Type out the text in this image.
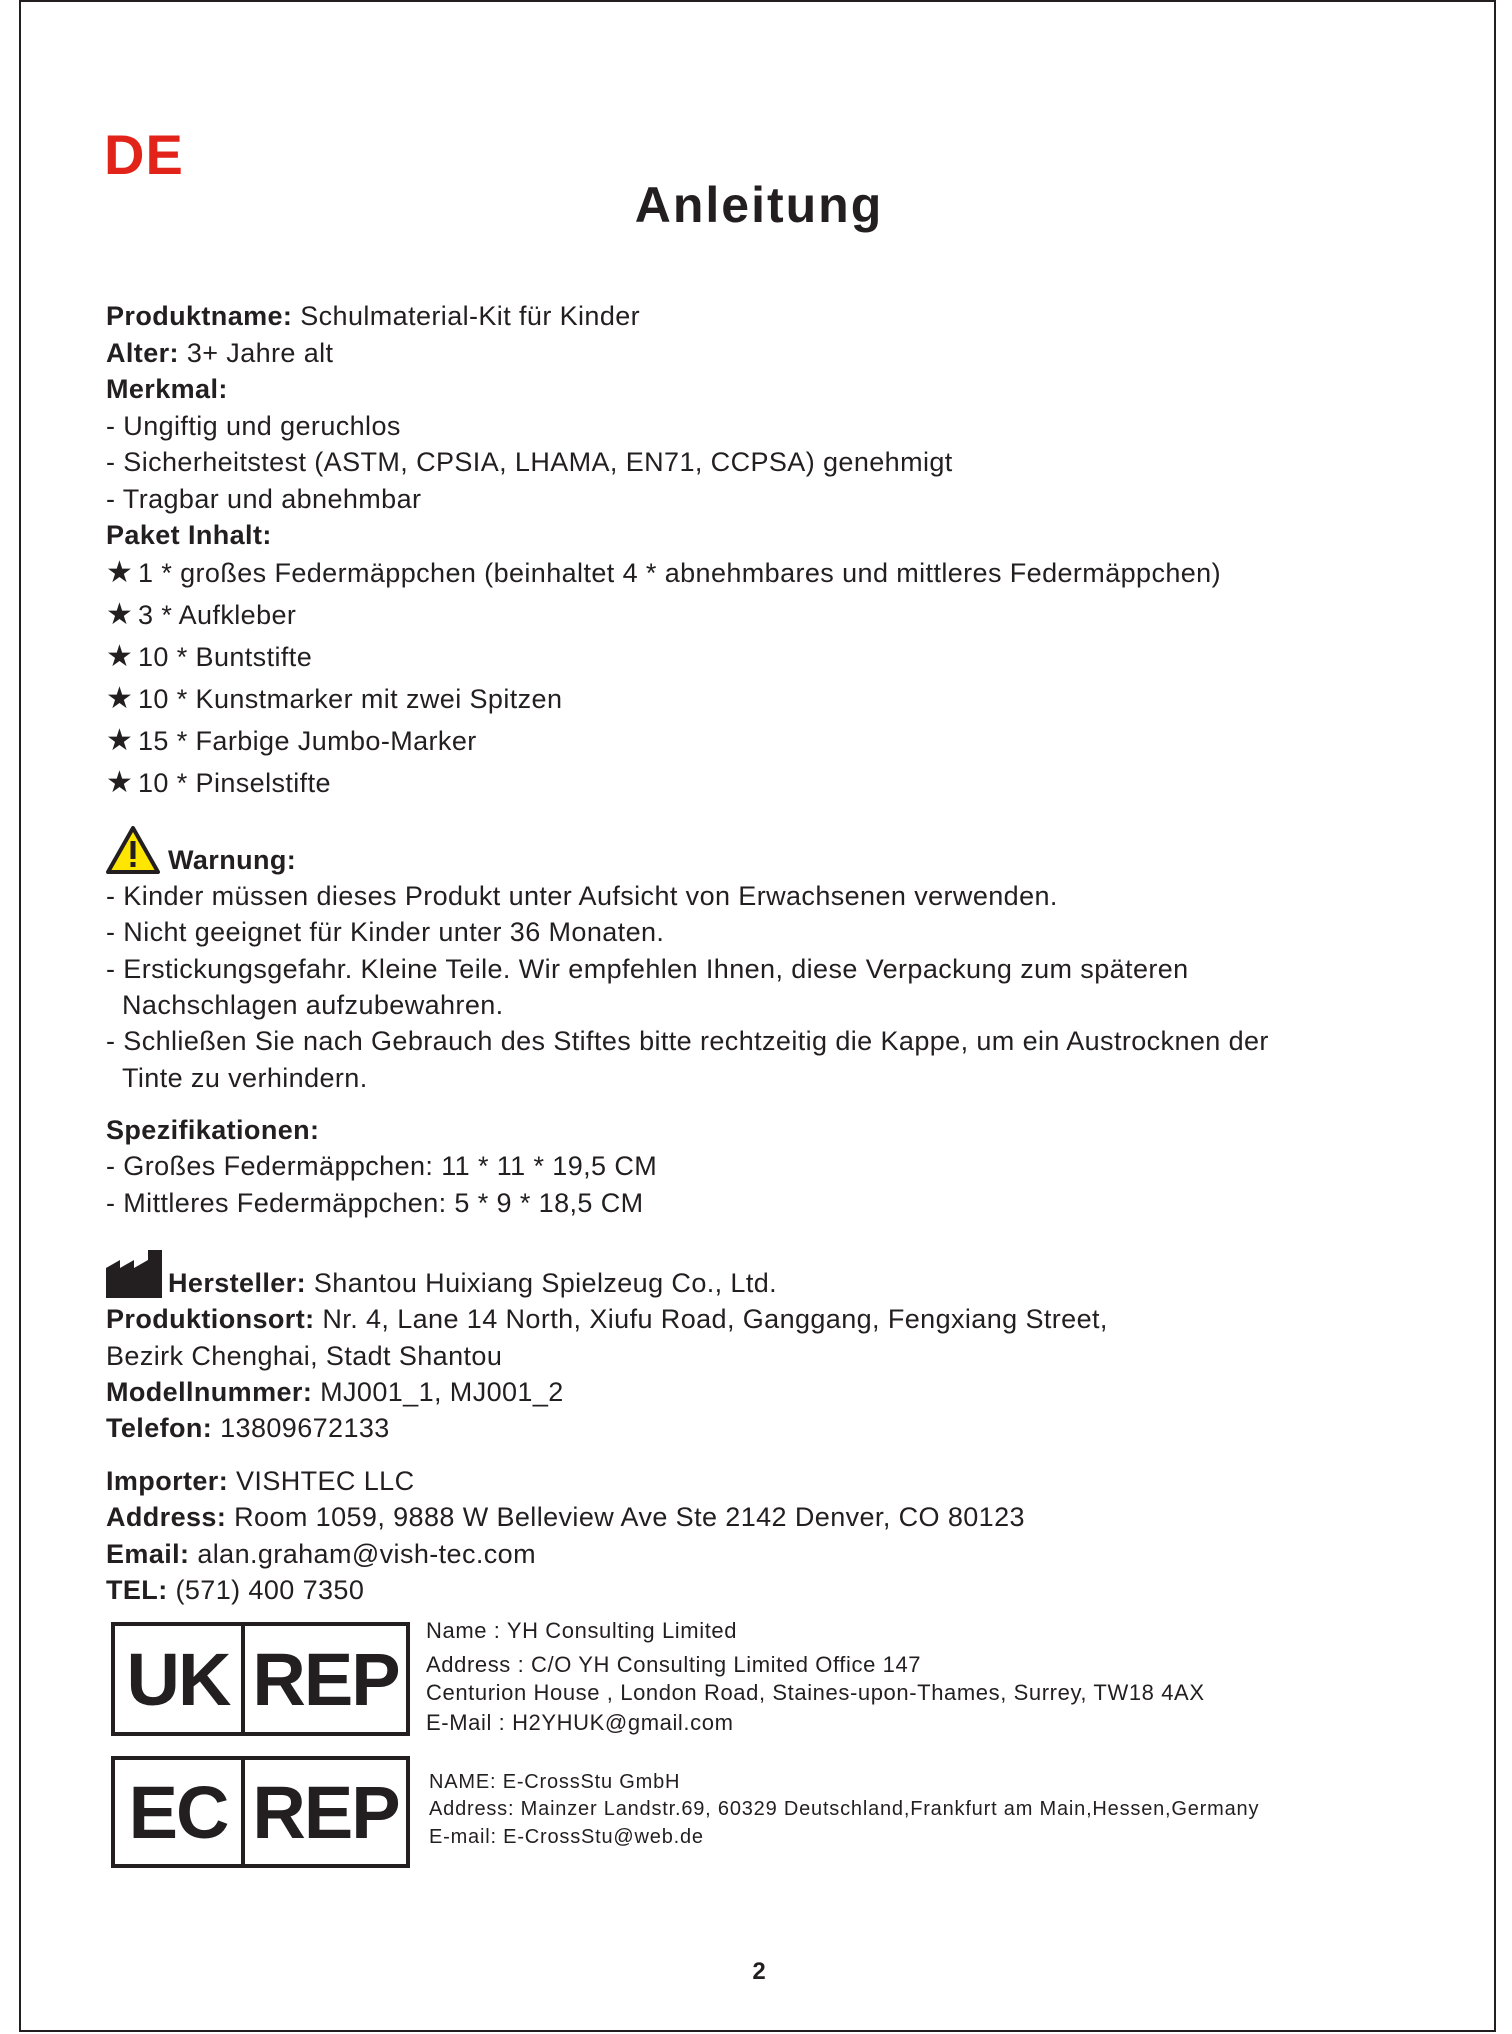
DE
Anleitung
Produktname: Schulmaterial-Kit für Kinder
Alter: 3+ Jahre alt
Merkmal:
- Ungiftig und geruchlos
- Sicherheitstest (ASTM, CPSIA, LHAMA, EN71, CCPSA) genehmigt
- Tragbar und abnehmbar
Paket Inhalt:
★ 1 * großes Federmäppchen (beinhaltet 4 * abnehmbares und mittleres Federmäppchen)
★ 3 * Aufkleber
★ 10 * Buntstifte
★ 10 * Kunstmarker mit zwei Spitzen
★ 15 * Farbige Jumbo-Marker
★ 10 * Pinselstifte
Warnung:
- Kinder müssen dieses Produkt unter Aufsicht von Erwachsenen verwenden.
- Nicht geeignet für Kinder unter 36 Monaten.
- Erstickungsgefahr. Kleine Teile. Wir empfehlen Ihnen, diese Verpackung zum späteren
Nachschlagen aufzubewahren.
- Schließen Sie nach Gebrauch des Stiftes bitte rechtzeitig die Kappe, um ein Austrocknen der
Tinte zu verhindern.
Spezifikationen:
- Großes Federmäppchen: 11 * 11 * 19,5 CM
- Mittleres Federmäppchen: 5 * 9 * 18,5 CM
Hersteller: Shantou Huixiang Spielzeug Co., Ltd.
Produktionsort: Nr. 4, Lane 14 North, Xiufu Road, Ganggang, Fengxiang Street,
Bezirk Chenghai, Stadt Shantou
Modellnummer: MJ001_1, MJ001_2
Telefon: 13809672133
Importer: VISHTEC LLC
Address: Room 1059, 9888 W Belleview Ave Ste 2142 Denver, CO 80123
Email: alan.graham@vish-tec.com
TEL: (571) 400 7350
UK REP
Name : YH Consulting Limited
Address : C/O YH Consulting Limited Office 147
Centurion House , London Road, Staines-upon-Thames, Surrey, TW18 4AX
E-Mail : H2YHUK@gmail.com
EC REP	NAME: E-CrossStu GmbH
Address: Mainzer Landstr.69, 60329 Deutschland,Frankfurt am Main,Hessen,Germany
E-mail: E-CrossStu@web.de
2
